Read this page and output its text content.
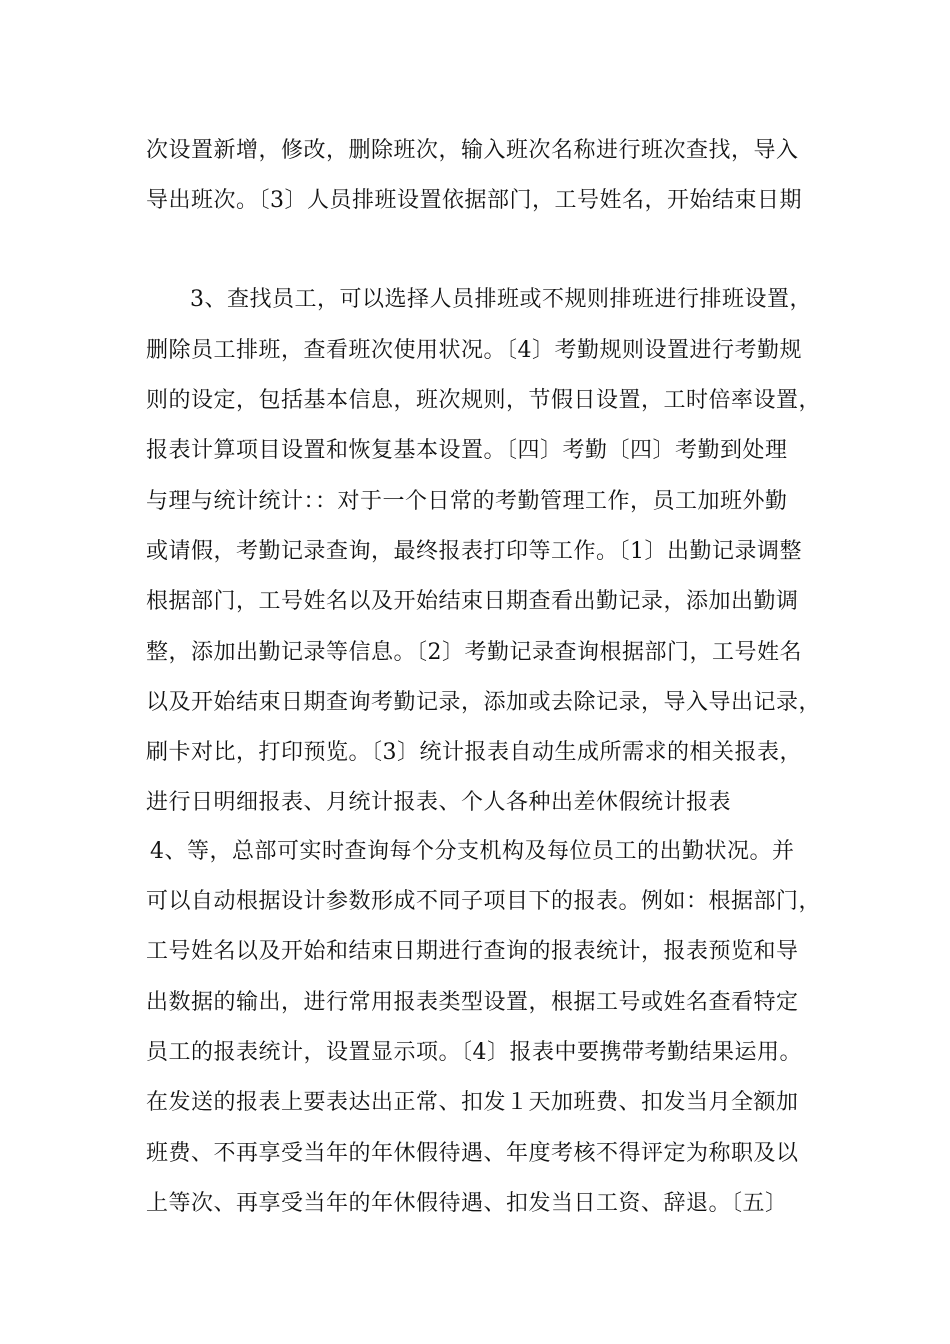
次设置新增，修改，删除班次，输入班次名称进行班次查找，导入
导出班次。〔3〕人员排班设置依据部门，工号姓名，开始结束日期
3、查找员工，可以选择人员排班或不规则排班进行排班设置，
删除员工排班，查看班次使用状况。〔4〕考勤规则设置进行考勤规
则的设定，包括基本信息，班次规则，节假日设置，工时倍率设置，
报表计算项目设置和恢复基本设置。〔四〕考勤〔四〕考勤到处理
与理与统计统计：：对于一个日常的考勤管理工作，员工加班外勤
或请假，考勤记录查询，最终报表打印等工作。〔1〕出勤记录调整
根据部门，工号姓名以及开始结束日期查看出勤记录，添加出勤调
整，添加出勤记录等信息。〔2〕考勤记录查询根据部门，工号姓名
以及开始结束日期查询考勤记录，添加或去除记录，导入导出记录，
刷卡对比，打印预览。〔3〕统计报表自动生成所需求的相关报表，
进行日明细报表、月统计报表、个人各种出差休假统计报表
4、等，总部可实时查询每个分支机构及每位员工的出勤状况。并
可以自动根据设计参数形成不同子项目下的报表。例如：根据部门，
工号姓名以及开始和结束日期进行查询的报表统计，报表预览和导
出数据的输出，进行常用报表类型设置，根据工号或姓名查看特定
员工的报表统计，设置显示项。〔4〕报表中要携带考勤结果运用。
在发送的报表上要表达出正常、扣发１天加班费、扣发当月全额加
班费、不再享受当年的年休假待遇、年度考核不得评定为称职及以
上等次、再享受当年的年休假待遇、扣发当日工资、辞退。〔五〕
